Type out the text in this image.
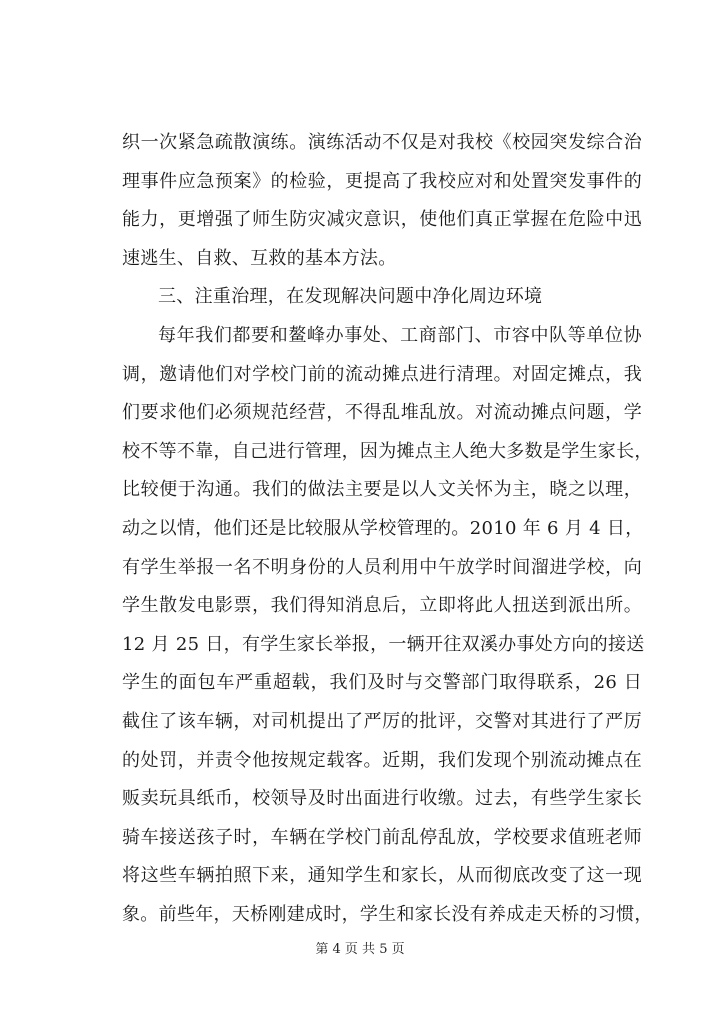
织一次紧急疏散演练。演练活动不仅是对我校《校园突发综合治
理事件应急预案》的检验，更提高了我校应对和处置突发事件的
能力，更增强了师生防灾减灾意识，使他们真正掌握在危险中迅
速逃生、自救、互救的基本方法。
三、注重治理，在发现解决问题中净化周边环境
每年我们都要和鳌峰办事处、工商部门、市容中队等单位协
调，邀请他们对学校门前的流动摊点进行清理。对固定摊点，我
们要求他们必须规范经营，不得乱堆乱放。对流动摊点问题，学
校不等不靠，自己进行管理，因为摊点主人绝大多数是学生家长，
比较便于沟通。我们的做法主要是以人文关怀为主，晓之以理，
动之以情，他们还是比较服从学校管理的。2010 年 6 月 4 日，
有学生举报一名不明身份的人员利用中午放学时间溜进学校，向
学生散发电影票，我们得知消息后，立即将此人扭送到派出所。
12 月 25 日，有学生家长举报，一辆开往双溪办事处方向的接送
学生的面包车严重超载，我们及时与交警部门取得联系，26 日
截住了该车辆，对司机提出了严厉的批评，交警对其进行了严厉
的处罚，并责令他按规定载客。近期，我们发现个别流动摊点在
贩卖玩具纸币，校领导及时出面进行收缴。过去，有些学生家长
骑车接送孩子时，车辆在学校门前乱停乱放，学校要求值班老师
将这些车辆拍照下来，通知学生和家长，从而彻底改变了这一现
象。前些年，天桥刚建成时，学生和家长没有养成走天桥的习惯，
第 4 页 共 5 页
